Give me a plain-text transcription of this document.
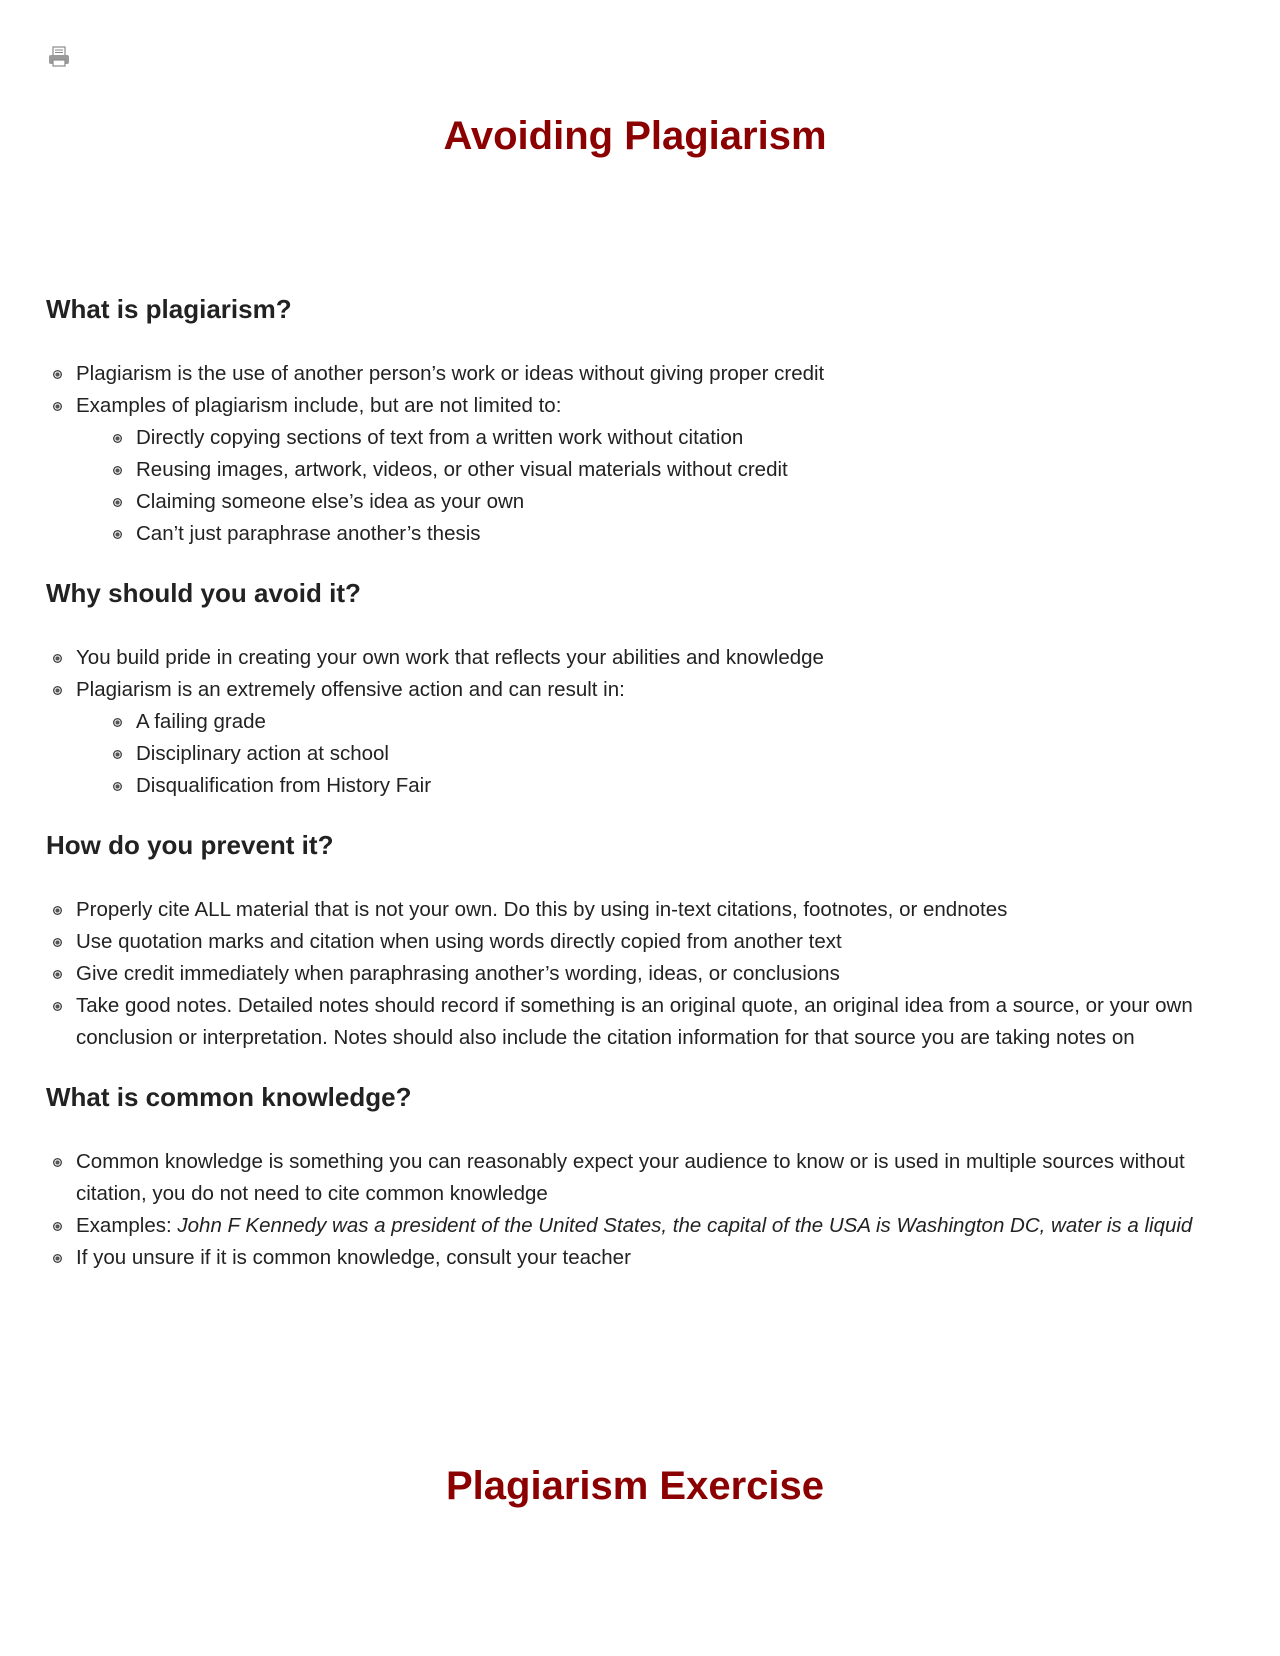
Avoiding Plagiarism
What is plagiarism?
Plagiarism is the use of another person’s work or ideas without giving proper credit
Examples of plagiarism include, but are not limited to:
Directly copying sections of text from a written work without citation
Reusing images, artwork, videos, or other visual materials without credit
Claiming someone else’s idea as your own
Can’t just paraphrase another’s thesis
Why should you avoid it?
You build pride in creating your own work that reflects your abilities and knowledge
Plagiarism is an extremely offensive action and can result in:
A failing grade
Disciplinary action at school
Disqualification from History Fair
How do you prevent it?
Properly cite ALL material that is not your own. Do this by using in-text citations, footnotes, or endnotes
Use quotation marks and citation when using words directly copied from another text
Give credit immediately when paraphrasing another’s wording, ideas, or conclusions
Take good notes. Detailed notes should record if something is an original quote, an original idea from a source, or your own conclusion or interpretation. Notes should also include the citation information for that source you are taking notes on
What is common knowledge?
Common knowledge is something you can reasonably expect your audience to know or is used in multiple sources without citation, you do not need to cite common knowledge
Examples: John F Kennedy was a president of the United States, the capital of the USA is Washington DC, water is a liquid
If you unsure if it is common knowledge, consult your teacher
Plagiarism Exercise
